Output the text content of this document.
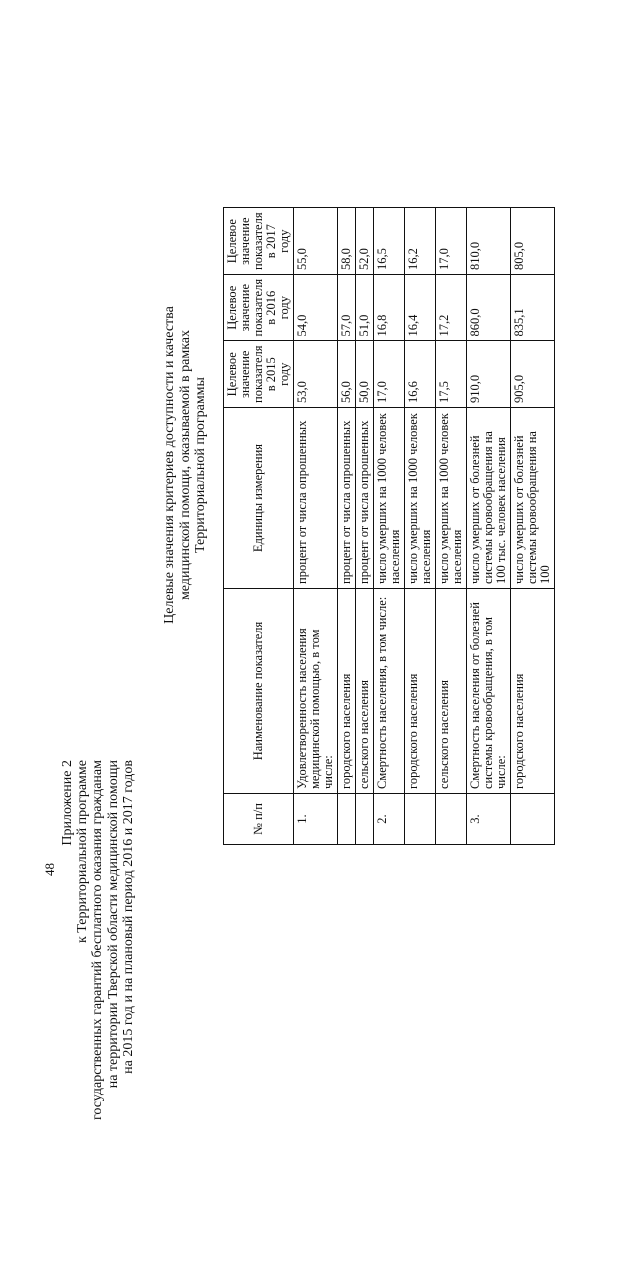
48
Приложение 2 к Территориальной программе государственных гарантий бесплатного оказания гражданам на территории Тверской области медицинской помощи на 2015 год и на плановый период 2016 и 2017 годов
Целевые значения критериев доступности и качества медицинской помощи, оказываемой в рамках Территориальной программы
№ п/п	Наименование показателя	Единицы измерения	Целевое значение показателя в 2015 году	Целевое значение показателя в 2016 году	Целевое значение показателя в 2017 году
1.	Удовлетворенность населения медицинской помощью, в том числе:	процент от числа опрошенных	53,0	54,0	55,0
	городского населения	процент от числа опрошенных	56,0	57,0	58,0
	сельского населения	процент от числа опрошенных	50,0	51,0	52,0
2.	Смертность населения, в том числе:	число умерших на 1000 человек населения	17,0	16,8	16,5
	городского населения	число умерших на 1000 человек населения	16,6	16,4	16,2
	сельского населения	число умерших на 1000 человек населения	17,5	17,2	17,0
3.	Смертность населения от болезней системы кровообращения, в том числе:	число умерших от болезней системы кровообращения на 100 тыс. человек населения	910,0	860,0	810,0
	городского населения	число умерших от болезней системы кровообращения на 100	905,0	835,1	805,0
